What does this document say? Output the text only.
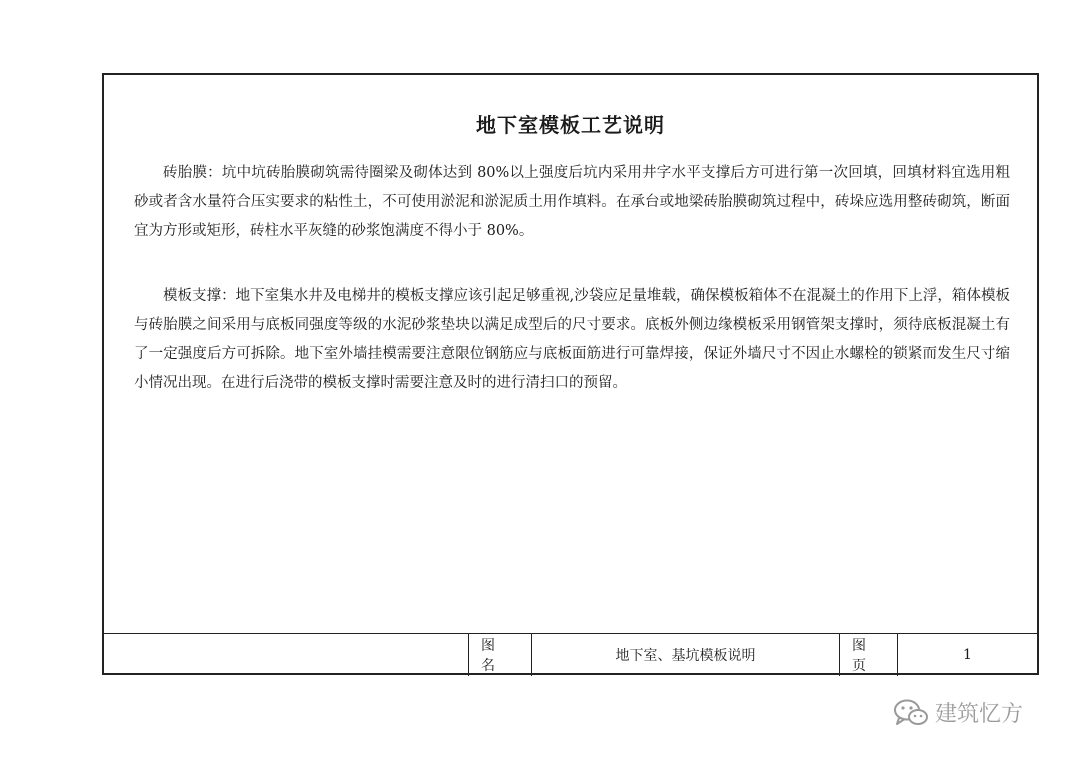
地下室模板工艺说明

砖胎膜：坑中坑砖胎膜砌筑需待圈梁及砌体达到 80%以上强度后坑内采用井字水平支撑后方可进行第一次回填，回填材料宜选用粗砂或者含水量符合压实要求的粘性土，不可使用淤泥和淤泥质土用作填料。在承台或地梁砖胎膜砌筑过程中，砖垛应选用整砖砌筑，断面宜为方形或矩形，砖柱水平灰缝的砂浆饱满度不得小于 80%。

模板支撑：地下室集水井及电梯井的模板支撑应该引起足够重视,沙袋应足量堆载，确保模板箱体不在混凝土的作用下上浮，箱体模板与砖胎膜之间采用与底板同强度等级的水泥砂浆垫块以满足成型后的尺寸要求。底板外侧边缘模板采用钢管架支撑时，须待底板混凝土有了一定强度后方可拆除。地下室外墙挂模需要注意限位钢筋应与底板面筋进行可靠焊接，保证外墙尺寸不因止水螺栓的锁紧而发生尺寸缩小情况出现。在进行后浇带的模板支撑时需要注意及时的进行清扫口的预留。

图名
地下室、基坑模板说明
图页
1
建筑忆方
